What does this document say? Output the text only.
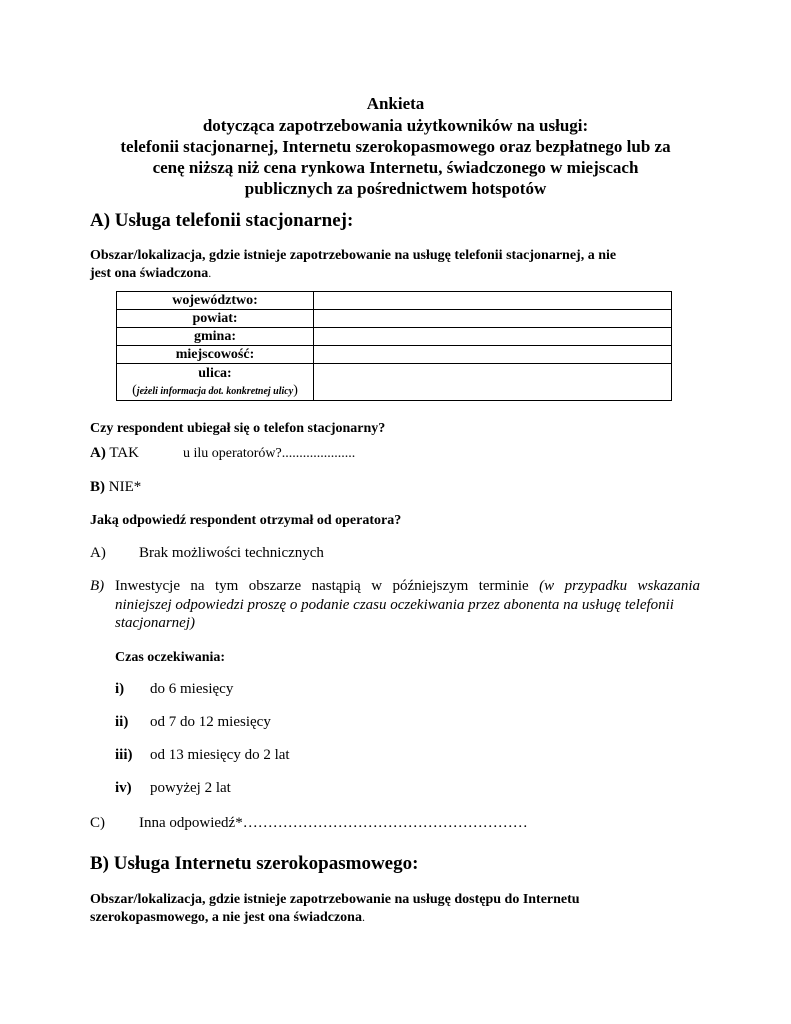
Ankieta
dotycząca zapotrzebowania użytkowników na usługi:
telefonii stacjonarnej, Internetu szerokopasmowego oraz bezpłatnego lub za
cenę niższą niż cena rynkowa Internetu, świadczonego w miejscach
publicznych za pośrednictwem hotspotów
A) Usługa telefonii stacjonarnej:
Obszar/lokalizacja, gdzie istnieje zapotrzebowanie na usługę telefonii stacjonarnej, a nie
jest ona świadczona.
województwo:	
powiat:	
gmina:	
miejscowość:	

ulica:
(jeżeli informacja dot. konkretnej ulicy)	

Czy respondent ubiegał się o telefon stacjonarny?
A) TAK	u ilu operatorów?.....................
B) NIE*
Jaką odpowiedź respondent otrzymał od operatora?
A) Brak możliwości technicznych
B) Inwestycje na tym obszarze nastąpią w późniejszym terminie (w przypadku wskazania
niniejszej odpowiedzi proszę o podanie czasu oczekiwania przez abonenta na usługę telefonii
stacjonarnej)
Czas oczekiwania:
i) do 6 miesięcy
ii) od 7 do 12 miesięcy
iii) od 13 miesięcy do 2 lat
iv) powyżej 2 lat
C) Inna odpowiedź*…………………………………………………
B) Usługa Internetu szerokopasmowego:
Obszar/lokalizacja, gdzie istnieje zapotrzebowanie na usługę dostępu do Internetu
szerokopasmowego, a nie jest ona świadczona.
